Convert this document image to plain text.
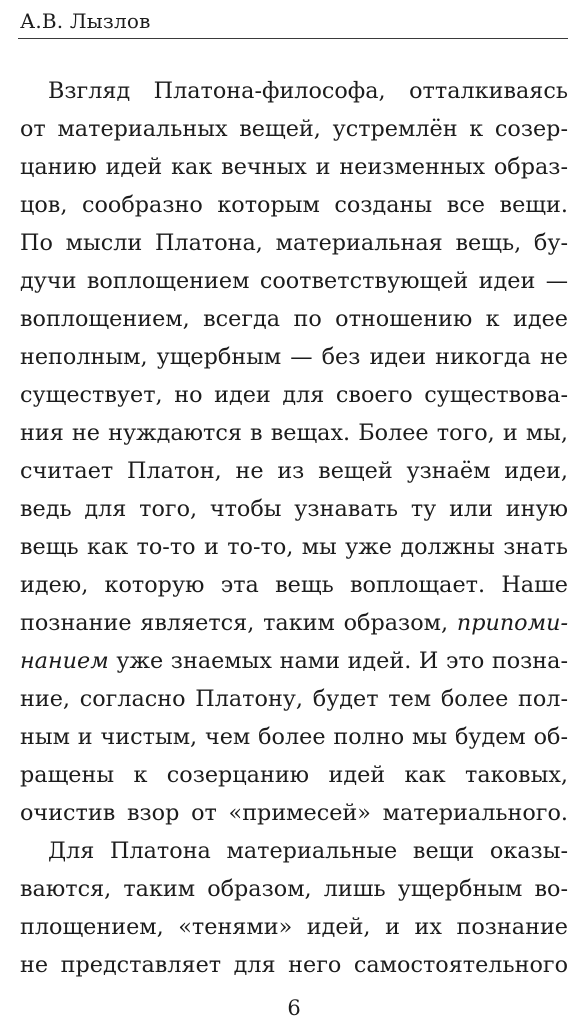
А.В. Лызлов
Взгляд Платона-философа, отталкиваясь
от материальных вещей, устремлён к созер-
цанию идей как вечных и неизменных образ-
цов, сообразно которым созданы все вещи.
По мысли Платона, материальная вещь, бу-
дучи воплощением соответствующей идеи —
воплощением, всегда по отношению к идее
неполным, ущербным — без идеи никогда не
существует, но идеи для своего существова-
ния не нуждаются в вещах. Более того, и мы,
считает Платон, не из вещей узнаём идеи,
ведь для того, чтобы узнавать ту или иную
вещь как то-то и то-то, мы уже должны знать
идею, которую эта вещь воплощает. Наше
познание является, таким образом, припоми-
нанием уже знаемых нами идей. И это позна-
ние, согласно Платону, будет тем более пол-
ным и чистым, чем более полно мы будем об-
ращены к созерцанию идей как таковых,
очистив взор от «примесей» материального.
Для Платона материальные вещи оказы-
ваются, таким образом, лишь ущербным во-
площением, «тенями» идей, и их познание
не представляет для него самостоятельного
6
